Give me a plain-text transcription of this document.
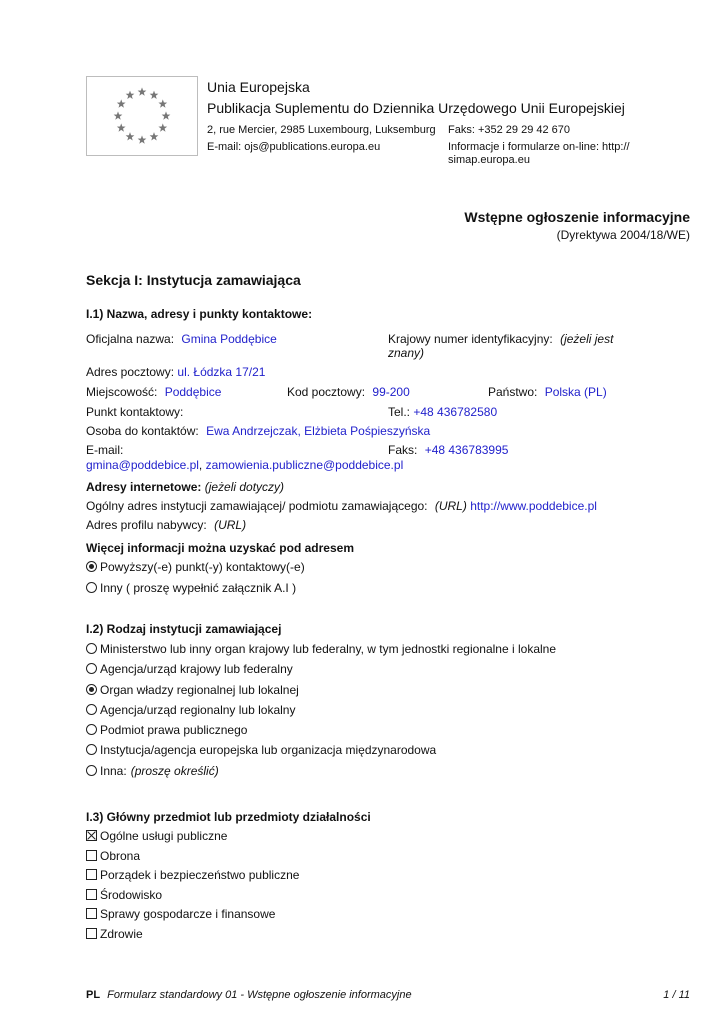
Unia Europejska
Publikacja Suplementu do Dziennika Urzędowego Unii Europejskiej
2, rue Mercier, 2985 Luxembourg, Luksemburg Faks: +352 29 29 42 670
E-mail: ojs@publications.europa.eu	Informacje i formularze on-line: http://
simap.europa.eu
Wstępne ogłoszenie informacyjne
(Dyrektywa 2004/18/WE)
Sekcja I: Instytucja zamawiająca
I.1) Nazwa, adresy i punkty kontaktowe:
Oficjalna nazwa: Gmina Poddębice	Krajowy numer identyfikacyjny: (jeżeli jest
znany)
Adres pocztowy: ul. Łódzka 17/21
Miejscowość: Poddębice	Kod pocztowy: 99-200	Państwo: Polska (PL)
Punkt kontaktowy:	Tel.: +48 436782580
Osoba do kontaktów: Ewa Andrzejczak, Elżbieta Pośpieszyńska
E-mail:	Faks: +48 436783995
gmina@poddebice.pl, zamowienia.publiczne@poddebice.pl
Adresy internetowe: (jeżeli dotyczy)
Ogólny adres instytucji zamawiającej/ podmiotu zamawiającego: (URL) http://www.poddebice.pl
Adres profilu nabywcy: (URL)
Więcej informacji można uzyskać pod adresem
Powyższy(-e) punkt(-y) kontaktowy(-e)
Inny ( proszę wypełnić załącznik A.I )
I.2) Rodzaj instytucji zamawiającej
Ministerstwo lub inny organ krajowy lub federalny, w tym jednostki regionalne i lokalne
Agencja/urząd krajowy lub federalny
Organ władzy regionalnej lub lokalnej
Agencja/urząd regionalny lub lokalny
Podmiot prawa publicznego
Instytucja/agencja europejska lub organizacja międzynarodowa
Inna: (proszę określić)
I.3) Główny przedmiot lub przedmioty działalności
Ogólne usługi publiczne
Obrona
Porządek i bezpieczeństwo publiczne
Środowisko
Sprawy gospodarcze i finansowe
Zdrowie
PL Formularz standardowy 01 - Wstępne ogłoszenie informacyjne	1 / 11
